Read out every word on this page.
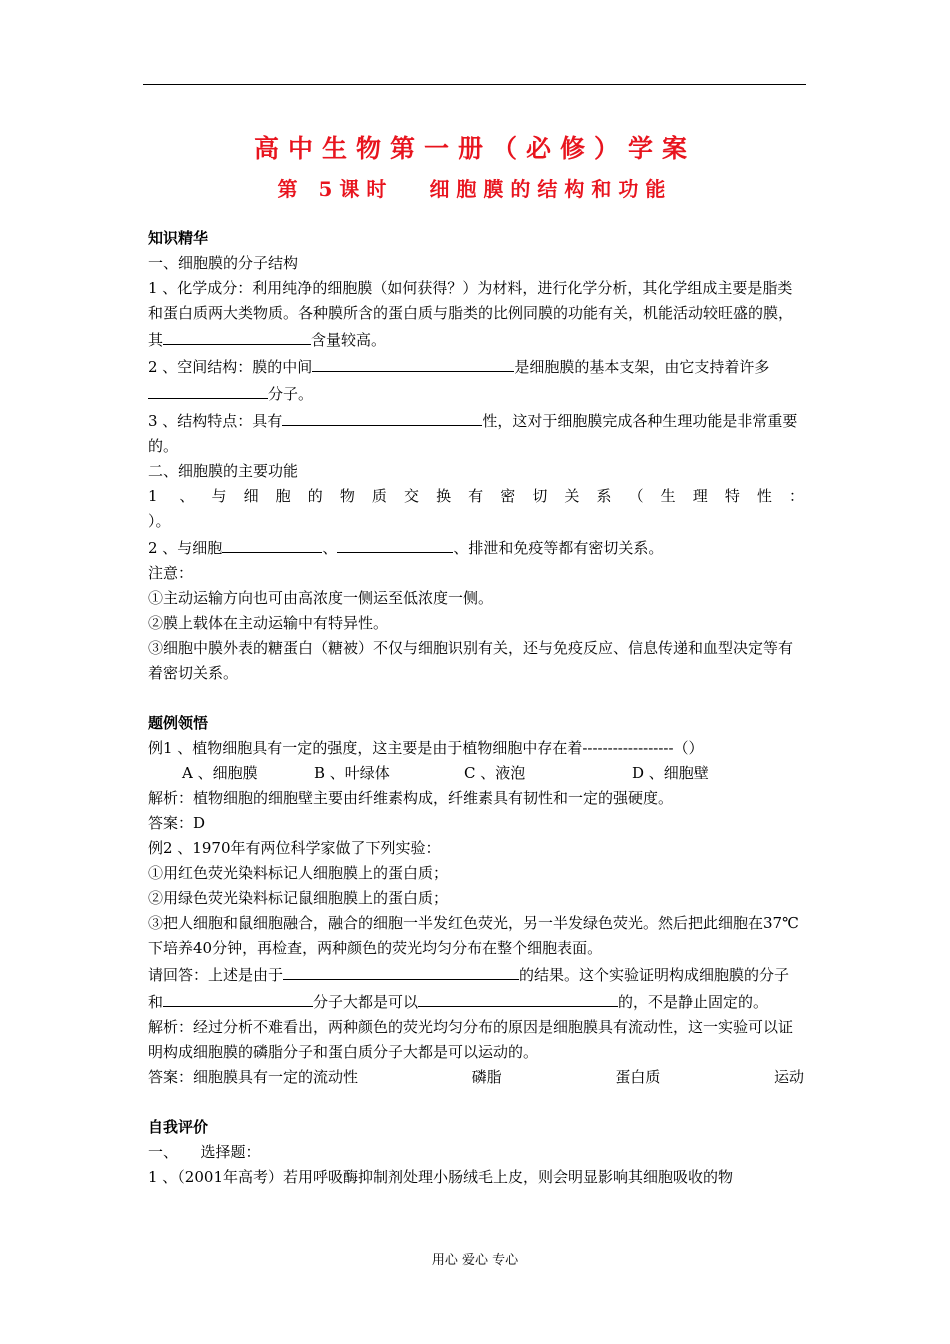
高中生物第一册（必修）学案
第 5课时 细胞膜的结构和功能

知识精华

一、细胞膜的分子结构

1 、化学成分：利用纯净的细胞膜（如何获得？）为材料，进行化学分析，其化学组成主要是脂类和蛋白质两大类物质。各种膜所含的蛋白质与脂类的比例同膜的功能有关，机能活动较旺盛的膜，其	含量较高。

2 、空间结构：膜的中间	是细胞膜的基本支架，由它支持着许多分子。

3 、结构特点：具有	性，这对于细胞膜完成各种生理功能是非常重要的。

二、细胞膜的主要功能

1 、与细胞的物质交换有密切关系（生理特性：

）。

2 、与细胞	、	、排泄和免疫等都有密切关系。

注意：

①主动运输方向也可由高浓度一侧运至低浓度一侧。

②膜上载体在主动运输中有特异性。

③细胞中膜外表的糖蛋白（糖被）不仅与细胞识别有关，还与免疫反应、信息传递和血型决定等有着密切关系。

题例领悟

例1 、植物细胞具有一定的强度，这主要是由于植物细胞中存在着------------------（）

A 、细胞膜	B 、叶绿体	C 、液泡	D 、细胞壁

解析：植物细胞的细胞壁主要由纤维素构成，纤维素具有韧性和一定的强硬度。

答案：D

例2 、1970年有两位科学家做了下列实验：

①用红色荧光染料标记人细胞膜上的蛋白质；

②用绿色荧光染料标记鼠细胞膜上的蛋白质；

③把人细胞和鼠细胞融合，融合的细胞一半发红色荧光，另一半发绿色荧光。然后把此细胞在37℃下培养40分钟，再检查，两种颜色的荧光均匀分布在整个细胞表面。

请回答：上述是由于	的结果。这个实验证明构成细胞膜的分子和	分子大都是可以	的，不是静止固定的。

解析：经过分析不难看出，两种颜色的荧光均匀分布的原因是细胞膜具有流动性，这一实验可以证明构成细胞膜的磷脂分子和蛋白质分子大都是可以运动的。

答案：细胞膜具有一定的流动性	磷脂	蛋白质	运动

自我评价

一、　　选择题：

1 、（2001年高考）若用呼吸酶抑制剂处理小肠绒毛上皮，则会明显影响其细胞吸收的物

用心 爱心 专心
